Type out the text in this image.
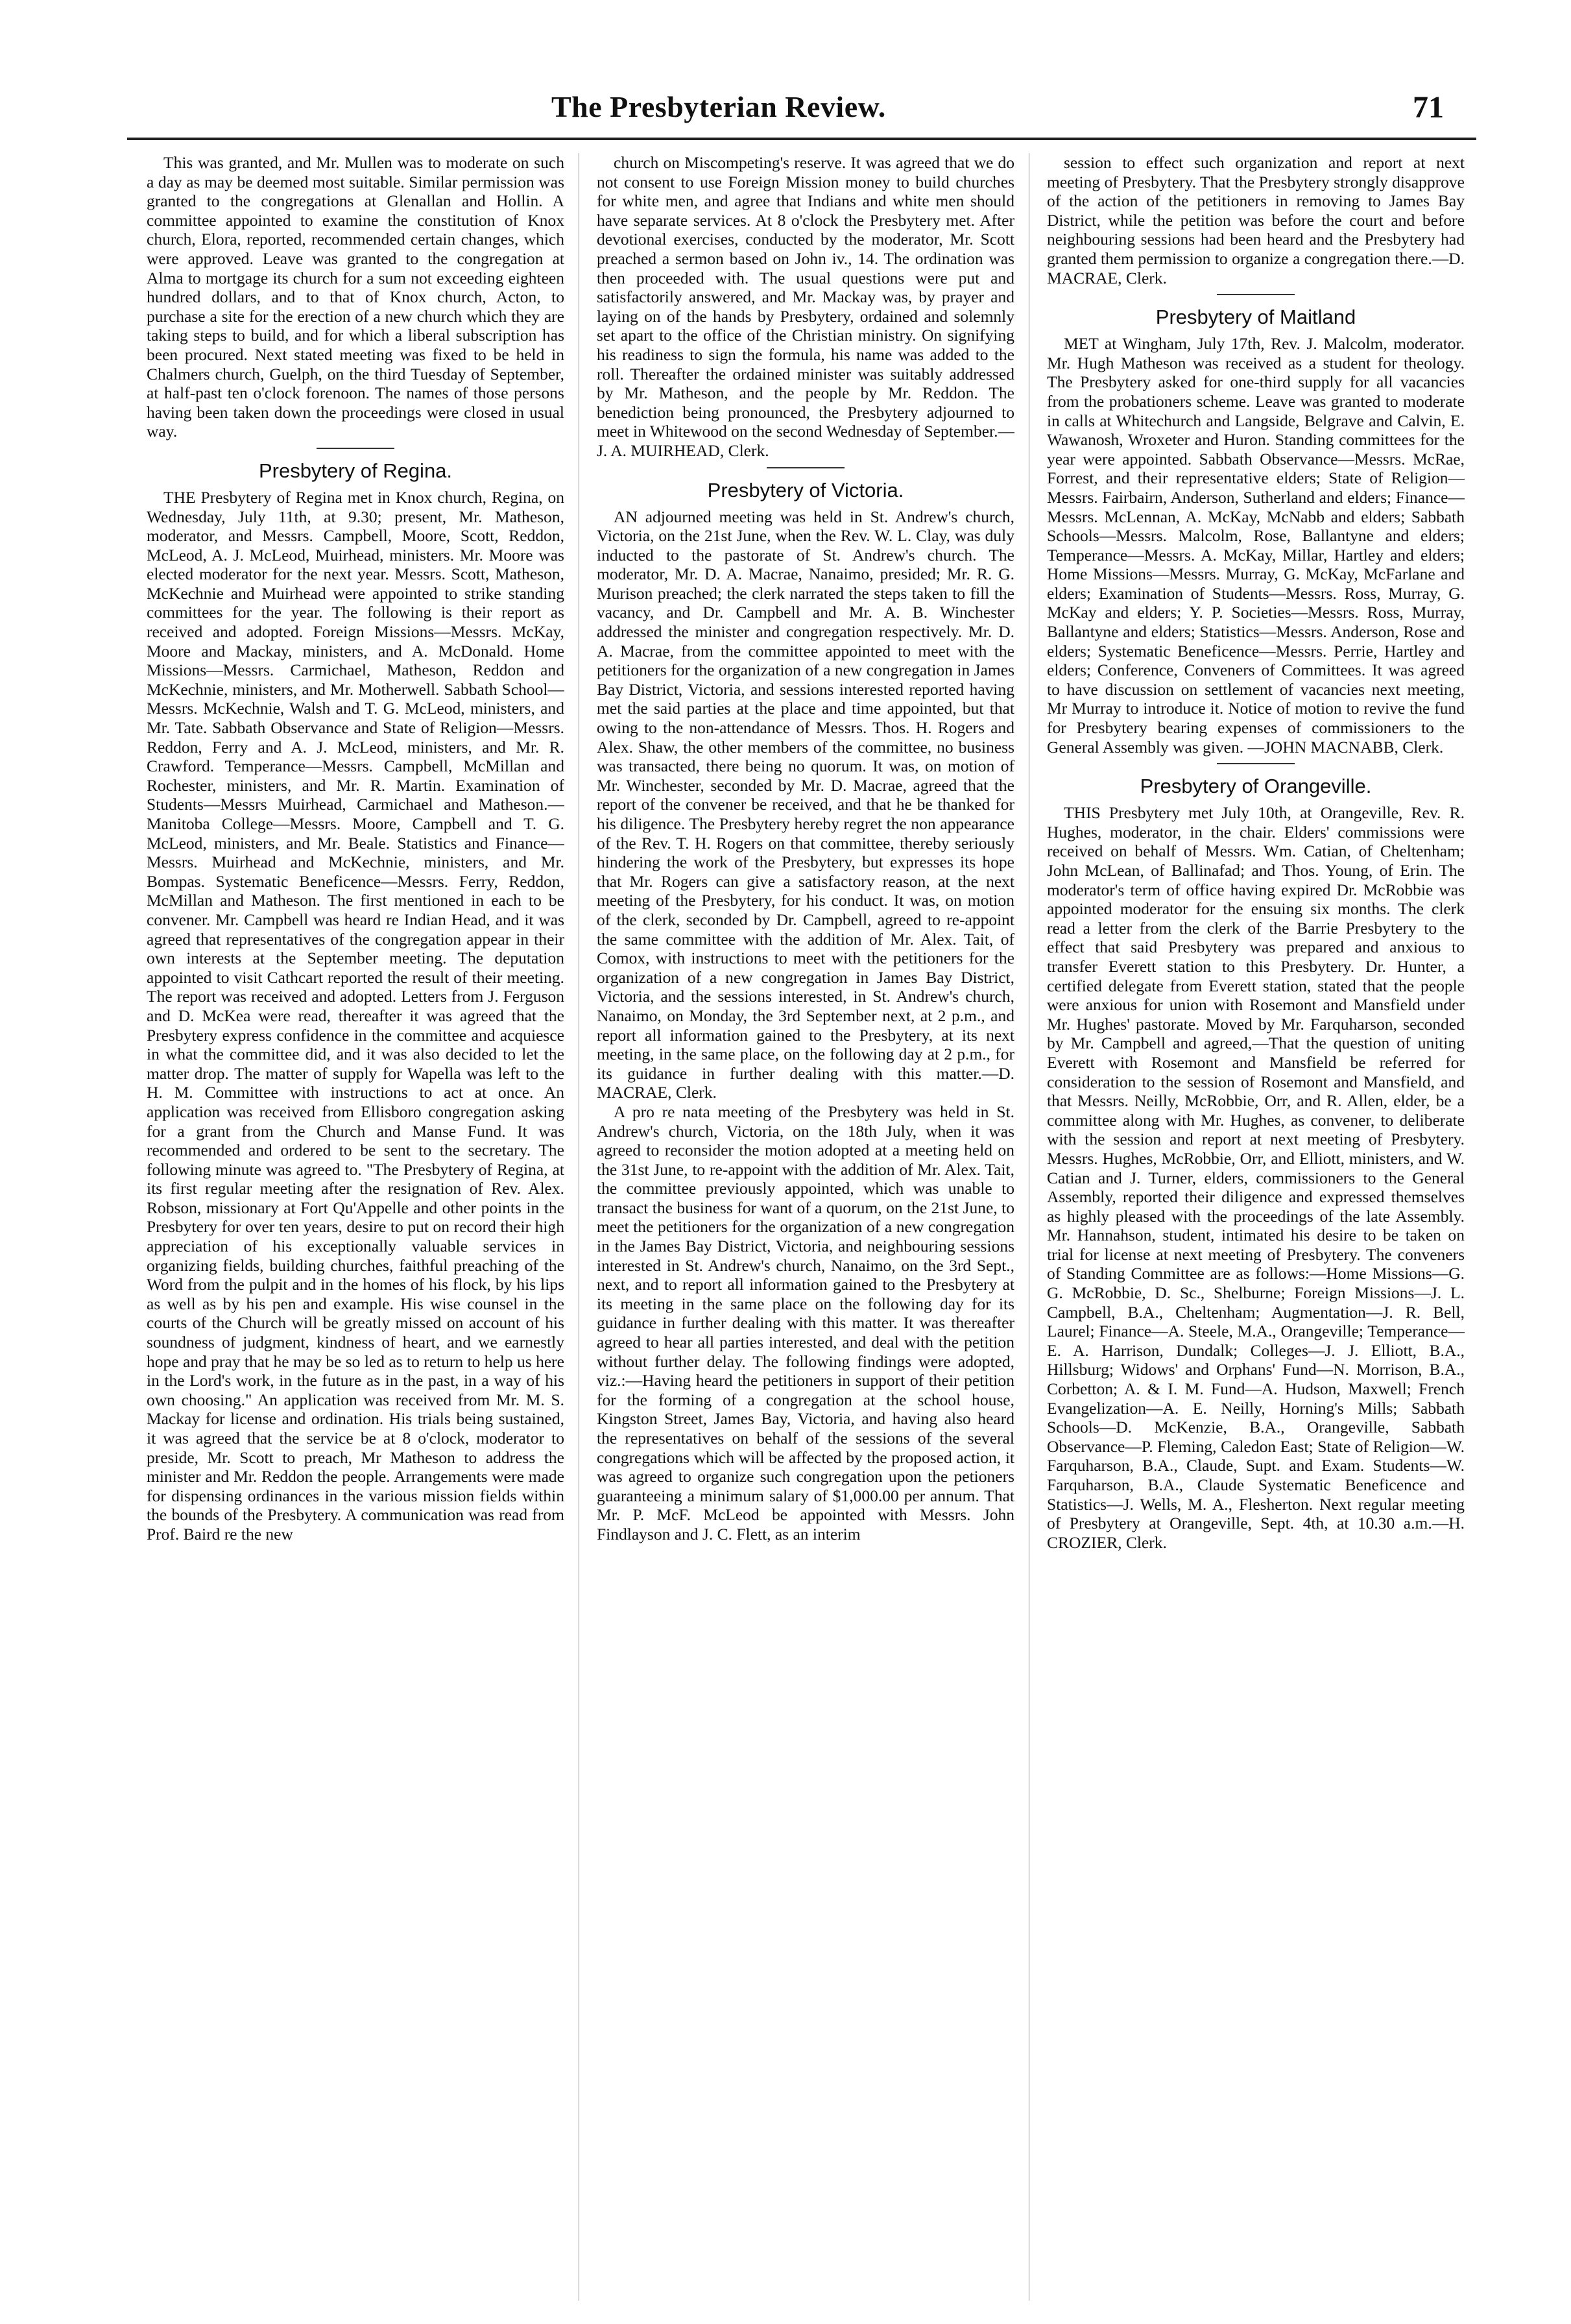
The Presbyterian Review.	71

This was granted, and Mr. Mullen was to moderate on such a day as may be deemed most suitable. Similar permission was granted to the congregations at Glenallan and Hollin. A committee appointed to examine the constitution of Knox church, Elora, reported, recommended certain changes, which were approved. Leave was granted to the congregation at Alma to mortgage its church for a sum not exceeding eighteen hundred dollars, and to that of Knox church, Acton, to purchase a site for the erection of a new church which they are taking steps to build, and for which a liberal subscription has been procured. Next stated meeting was fixed to be held in Chalmers church, Guelph, on the third Tuesday of September, at half-past ten o'clock forenoon. The names of those persons having been taken down the proceedings were closed in usual way.

Presbytery of Regina.

THE Presbytery of Regina met in Knox church, Regina, on Wednesday, July 11th, at 9.30; present, Mr. Matheson, moderator, and Messrs. Campbell, Moore, Scott, Reddon, McLeod, A. J. McLeod, Muirhead, ministers. Mr. Moore was elected moderator for the next year. Messrs. Scott, Matheson, McKechnie and Muirhead were appointed to strike standing committees for the year. The following is their report as received and adopted. Foreign Missions—Messrs. McKay, Moore and Mackay, ministers, and A. McDonald. Home Missions—Messrs. Carmichael, Matheson, Reddon and McKechnie, ministers, and Mr. Motherwell. Sabbath School—Messrs. McKechnie, Walsh and T. G. McLeod, ministers, and Mr. Tate. Sabbath Observance and State of Religion—Messrs. Reddon, Ferry and A. J. McLeod, ministers, and Mr. R. Crawford. Temperance—Messrs. Campbell, McMillan and Rochester, ministers, and Mr. R. Martin. Examination of Students—Messrs Muirhead, Carmichael and Matheson.—Manitoba College—Messrs. Moore, Campbell and T. G. McLeod, ministers, and Mr. Beale. Statistics and Finance—Messrs. Muirhead and McKechnie, ministers, and Mr. Bompas. Systematic Beneficence—Messrs. Ferry, Reddon, McMillan and Matheson. The first mentioned in each to be convener. Mr. Campbell was heard re Indian Head, and it was agreed that representatives of the congregation appear in their own interests at the September meeting. The deputation appointed to visit Cathcart reported the result of their meeting. The report was received and adopted. Letters from J. Ferguson and D. McKea were read, thereafter it was agreed that the Presbytery express confidence in the committee and acquiesce in what the committee did, and it was also decided to let the matter drop. The matter of supply for Wapella was left to the H. M. Committee with instructions to act at once. An application was received from Ellisboro congregation asking for a grant from the Church and Manse Fund. It was recommended and ordered to be sent to the secretary. The following minute was agreed to. "The Presbytery of Regina, at its first regular meeting after the resignation of Rev. Alex. Robson, missionary at Fort Qu'Appelle and other points in the Presbytery for over ten years, desire to put on record their high appreciation of his exceptionally valuable services in organizing fields, building churches, faithful preaching of the Word from the pulpit and in the homes of his flock, by his lips as well as by his pen and example. His wise counsel in the courts of the Church will be greatly missed on account of his soundness of judgment, kindness of heart, and we earnestly hope and pray that he may be so led as to return to help us here in the Lord's work, in the future as in the past, in a way of his own choosing." An application was received from Mr. M. S. Mackay for license and ordination. His trials being sustained, it was agreed that the service be at 8 o'clock, moderator to preside, Mr. Scott to preach, Mr Matheson to address the minister and Mr. Reddon the people. Arrangements were made for dispensing ordinances in the various mission fields within the bounds of the Presbytery. A communication was read from Prof. Baird re the new

church on Miscompeting's reserve. It was agreed that we do not consent to use Foreign Mission money to build churches for white men, and agree that Indians and white men should have separate services. At 8 o'clock the Presbytery met. After devotional exercises, conducted by the moderator, Mr. Scott preached a sermon based on John iv., 14. The ordination was then proceeded with. The usual questions were put and satisfactorily answered, and Mr. Mackay was, by prayer and laying on of the hands by Presbytery, ordained and solemnly set apart to the office of the Christian ministry. On signifying his readiness to sign the formula, his name was added to the roll. Thereafter the ordained minister was suitably addressed by Mr. Matheson, and the people by Mr. Reddon. The benediction being pronounced, the Presbytery adjourned to meet in Whitewood on the second Wednesday of September.—J. A. MUIRHEAD, Clerk.

Presbytery of Victoria.

AN adjourned meeting was held in St. Andrew's church, Victoria, on the 21st June, when the Rev. W. L. Clay, was duly inducted to the pastorate of St. Andrew's church. The moderator, Mr. D. A. Macrae, Nanaimo, presided; Mr. R. G. Murison preached; the clerk narrated the steps taken to fill the vacancy, and Dr. Campbell and Mr. A. B. Winchester addressed the minister and congregation respectively. Mr. D. A. Macrae, from the committee appointed to meet with the petitioners for the organization of a new congregation in James Bay District, Victoria, and sessions interested reported having met the said parties at the place and time appointed, but that owing to the non-attendance of Messrs. Thos. H. Rogers and Alex. Shaw, the other members of the committee, no business was transacted, there being no quorum. It was, on motion of Mr. Winchester, seconded by Mr. D. Macrae, agreed that the report of the convener be received, and that he be thanked for his diligence. The Presbytery hereby regret the non appearance of the Rev. T. H. Rogers on that committee, thereby seriously hindering the work of the Presbytery, but expresses its hope that Mr. Rogers can give a satisfactory reason, at the next meeting of the Presbytery, for his conduct. It was, on motion of the clerk, seconded by Dr. Campbell, agreed to re-appoint the same committee with the addition of Mr. Alex. Tait, of Comox, with instructions to meet with the petitioners for the organization of a new congregation in James Bay District, Victoria, and the sessions interested, in St. Andrew's church, Nanaimo, on Monday, the 3rd September next, at 2 p.m., and report all information gained to the Presbytery, at its next meeting, in the same place, on the following day at 2 p.m., for its guidance in further dealing with this matter.—D. MACRAE, Clerk.

A pro re nata meeting of the Presbytery was held in St. Andrew's church, Victoria, on the 18th July, when it was agreed to reconsider the motion adopted at a meeting held on the 31st June, to re-appoint with the addition of Mr. Alex. Tait, the committee previously appointed, which was unable to transact the business for want of a quorum, on the 21st June, to meet the petitioners for the organization of a new congregation in the James Bay District, Victoria, and neighbouring sessions interested in St. Andrew's church, Nanaimo, on the 3rd Sept., next, and to report all information gained to the Presbytery at its meeting in the same place on the following day for its guidance in further dealing with this matter. It was thereafter agreed to hear all parties interested, and deal with the petition without further delay. The following findings were adopted, viz.:—Having heard the petitioners in support of their petition for the forming of a congregation at the school house, Kingston Street, James Bay, Victoria, and having also heard the representatives on behalf of the sessions of the several congregations which will be affected by the proposed action, it was agreed to organize such congregation upon the petioners guaranteeing a minimum salary of $1,000.00 per annum. That Mr. P. McF. McLeod be appointed with Messrs. John Findlayson and J. C. Flett, as an interim

session to effect such organization and report at next meeting of Presbytery. That the Presbytery strongly disapprove of the action of the petitioners in removing to James Bay District, while the petition was before the court and before neighbouring sessions had been heard and the Presbytery had granted them permission to organize a congregation there.—D. MACRAE, Clerk.

Presbytery of Maitland

MET at Wingham, July 17th, Rev. J. Malcolm, moderator. Mr. Hugh Matheson was received as a student for theology. The Presbytery asked for one-third supply for all vacancies from the probationers scheme. Leave was granted to moderate in calls at Whitechurch and Langside, Belgrave and Calvin, E. Wawanosh, Wroxeter and Huron. Standing committees for the year were appointed. Sabbath Observance—Messrs. McRae, Forrest, and their representative elders; State of Religion—Messrs. Fairbairn, Anderson, Sutherland and elders; Finance—Messrs. McLennan, A. McKay, McNabb and elders; Sabbath Schools—Messrs. Malcolm, Rose, Ballantyne and elders; Temperance—Messrs. A. McKay, Millar, Hartley and elders; Home Missions—Messrs. Murray, G. McKay, McFarlane and elders; Examination of Students—Messrs. Ross, Murray, G. McKay and elders; Y. P. Societies—Messrs. Ross, Murray, Ballantyne and elders; Statistics—Messrs. Anderson, Rose and elders; Systematic Beneficence—Messrs. Perrie, Hartley and elders; Conference, Conveners of Committees. It was agreed to have discussion on settlement of vacancies next meeting, Mr Murray to introduce it. Notice of motion to revive the fund for Presbytery bearing expenses of commissioners to the General Assembly was given. —JOHN MACNABB, Clerk.

Presbytery of Orangeville.

THIS Presbytery met July 10th, at Orangeville, Rev. R. Hughes, moderator, in the chair. Elders' commissions were received on behalf of Messrs. Wm. Catian, of Cheltenham; John McLean, of Ballinafad; and Thos. Young, of Erin. The moderator's term of office having expired Dr. McRobbie was appointed moderator for the ensuing six months. The clerk read a letter from the clerk of the Barrie Presbytery to the effect that said Presbytery was prepared and anxious to transfer Everett station to this Presbytery. Dr. Hunter, a certified delegate from Everett station, stated that the people were anxious for union with Rosemont and Mansfield under Mr. Hughes' pastorate. Moved by Mr. Farquharson, seconded by Mr. Campbell and agreed,—That the question of uniting Everett with Rosemont and Mansfield be referred for consideration to the session of Rosemont and Mansfield, and that Messrs. Neilly, McRobbie, Orr, and R. Allen, elder, be a committee along with Mr. Hughes, as convener, to deliberate with the session and report at next meeting of Presbytery. Messrs. Hughes, McRobbie, Orr, and Elliott, ministers, and W. Catian and J. Turner, elders, commissioners to the General Assembly, reported their diligence and expressed themselves as highly pleased with the proceedings of the late Assembly. Mr. Hannahson, student, intimated his desire to be taken on trial for license at next meeting of Presbytery. The conveners of Standing Committee are as follows:—Home Missions—G. G. McRobbie, D. Sc., Shelburne; Foreign Missions—J. L. Campbell, B.A., Cheltenham; Augmentation—J. R. Bell, Laurel; Finance—A. Steele, M.A., Orangeville; Temperance—E. A. Harrison, Dundalk; Colleges—J. J. Elliott, B.A., Hillsburg; Widows' and Orphans' Fund—N. Morrison, B.A., Corbetton; A. & I. M. Fund—A. Hudson, Maxwell; French Evangelization—A. E. Neilly, Horning's Mills; Sabbath Schools—D. McKenzie, B.A., Orangeville, Sabbath Observance—P. Fleming, Caledon East; State of Religion—W. Farquharson, B.A., Claude, Supt. and Exam. Students—W. Farquharson, B.A., Claude Systematic Beneficence and Statistics—J. Wells, M. A., Flesherton. Next regular meeting of Presbytery at Orangeville, Sept. 4th, at 10.30 a.m.—H. CROZIER, Clerk.
